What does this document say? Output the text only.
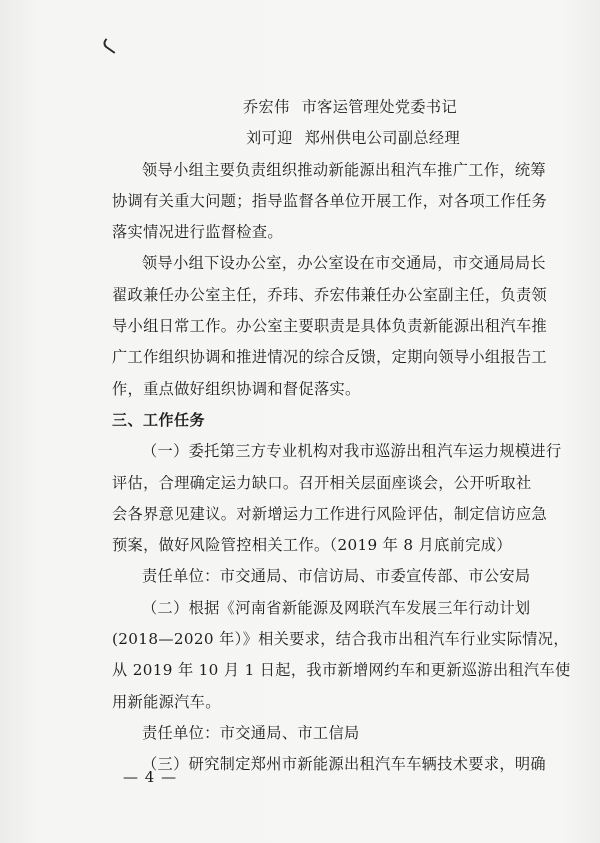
乔宏伟 市客运管理处党委书记
刘可迎 郑州供电公司副总经理
领导小组主要负责组织推动新能源出租汽车推广工作，统筹
协调有关重大问题；指导监督各单位开展工作，对各项工作任务
落实情况进行监督检查。
领导小组下设办公室，办公室设在市交通局，市交通局局长
翟政兼任办公室主任，乔玮、乔宏伟兼任办公室副主任，负责领
导小组日常工作。办公室主要职责是具体负责新能源出租汽车推
广工作组织协调和推进情况的综合反馈，定期向领导小组报告工
作，重点做好组织协调和督促落实。
三、工作任务
（一）委托第三方专业机构对我市巡游出租汽车运力规模进行
评估，合理确定运力缺口。召开相关层面座谈会，公开听取社
会各界意见建议。对新增运力工作进行风险评估，制定信访应急
预案，做好风险管控相关工作。（2019 年 8 月底前完成）
责任单位：市交通局、市信访局、市委宣传部、市公安局
（二）根据《河南省新能源及网联汽车发展三年行动计划
(2018—2020 年）》相关要求，结合我市出租汽车行业实际情况，
从 2019 年 10 月 1 日起，我市新增网约车和更新巡游出租汽车使
用新能源汽车。
责任单位：市交通局、市工信局
（三）研究制定郑州市新能源出租汽车车辆技术要求，明确
— 4 —
